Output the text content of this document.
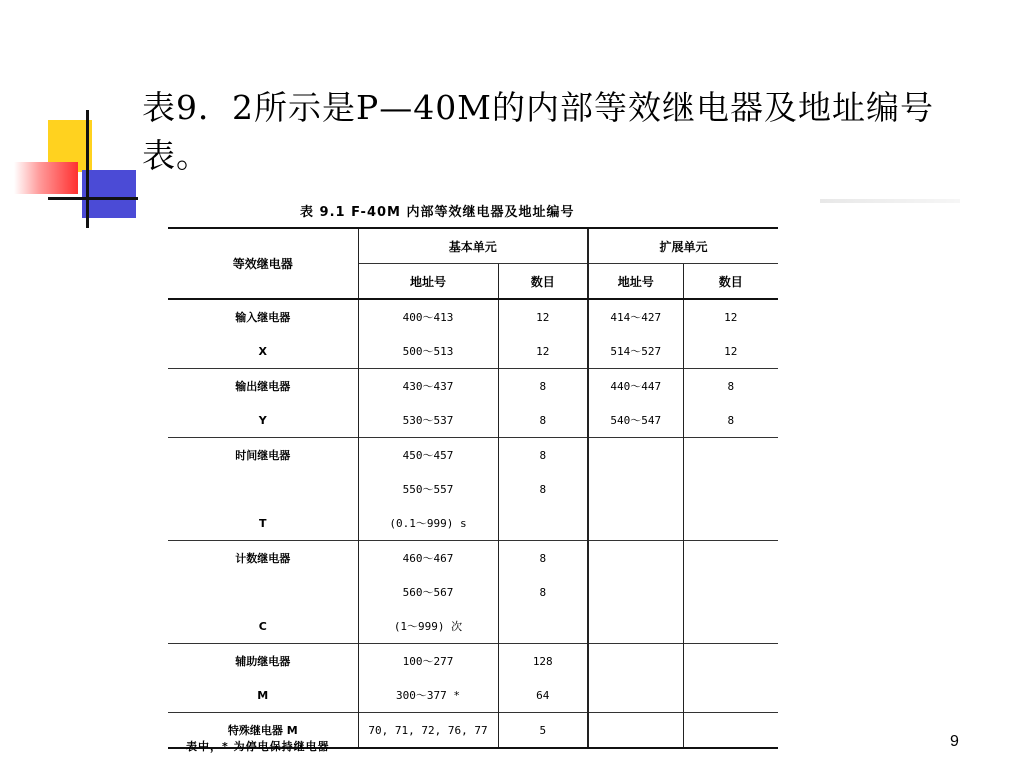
表9．2所示是P—40M的内部等效继电器及地址编号表。
表 9.1 F-40M 内部等效继电器及地址编号
等效继电器	基本单元		扩展单元	
	地址号	数目	地址号	数目
输入继电器	400～413	12	414～427	12
X	500～513	12	514～527	12
输出继电器	430～437	8	440～447	8
Y	530～537	8	540～547	8
时间继电器	450～457	8		
	550～557	8		
T	(0.1～999) s			
计数继电器	460～467	8		
	560～567	8		
C	(1～999) 次			
辅助继电器	100～277	128		
M	300～377 *	64		
特殊继电器 M	70, 71, 72, 76, 77	5		
表中，* 为停电保持继电器	9
